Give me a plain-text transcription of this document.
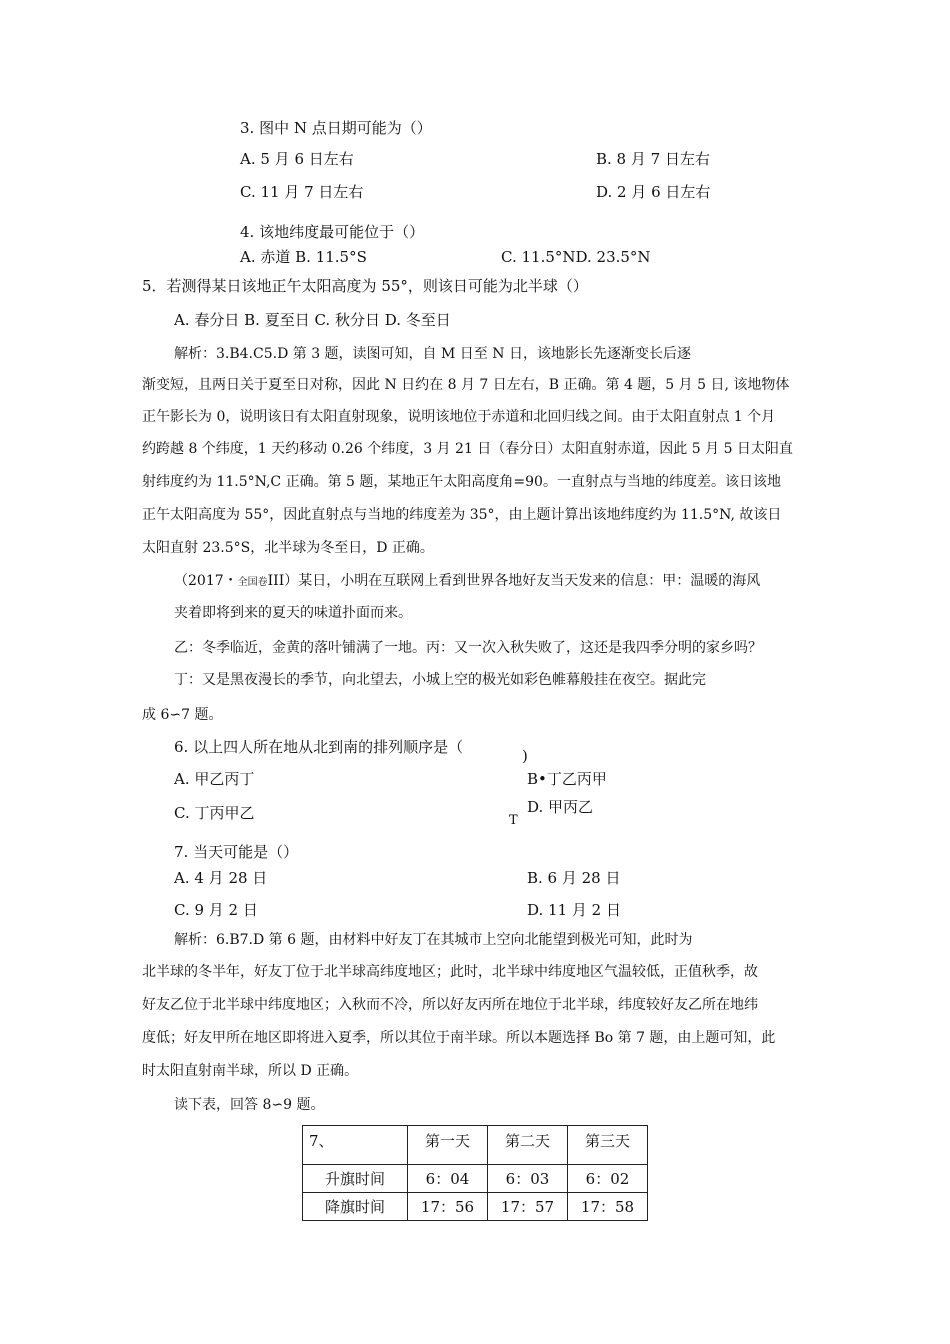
3. 图中 N 点日期可能为（）
A. 5 月 6 日左右	B. 8 月 7 日左右
C. 11 月 7 日左右	D. 2 月 6 日左右
4. 该地纬度最可能位于（）
A. 赤道 B. 11.5°S	C. 11.5°ND. 23.5°N
5．若测得某日该地正午太阳高度为 55°，则该日可能为北半球（）
A. 春分日 B. 夏至日 C. 秋分日 D. 冬至日
解析：3.B4.C5.D 第 3 题，读图可知，自 M 日至 N 日，该地影长先逐渐变长后逐
渐变短，且两日关于夏至日对称，因此 N 日约在 8 月 7 日左右，B 正确。第 4 题，5 月 5 日, 该地物体
正午影长为 0，说明该日有太阳直射现象，说明该地位于赤道和北回归线之间。由于太阳直射点 1 个月
约跨越 8 个纬度，1 天约移动 0.26 个纬度，3 月 21 日（春分日）太阳直射赤道，因此 5 月 5 日太阳直
射纬度约为 11.5°N,C 正确。第 5 题，某地正午太阳高度角=90。一直射点与当地的纬度差。该日该地
正午太阳高度为 55°，因此直射点与当地的纬度差为 35°，由上题计算出该地纬度约为 11.5°N, 故该日
太阳直射 23.5°S，北半球为冬至日，D 正确。
（2017・全国卷III）某日，小明在互联网上看到世界各地好友当天发来的信息：甲：温暖的海风
夹着即将到来的夏天的味道扑面而来。
乙：冬季临近，金黄的落叶铺满了一地。丙：又一次入秋失败了，这还是我四季分明的家乡吗？
丁：又是黑夜漫长的季节，向北望去，小城上空的极光如彩色帷幕般挂在夜空。据此完
成 6∽7 题。
6. 以上四人所在地从北到南的排列顺序是（	)
A. 甲乙丙丁	B•丁乙丙甲
C. 丁丙甲乙	D. 甲丙乙
T
7. 当天可能是（）
A. 4 月 28 日	B. 6 月 28 日
C. 9 月 2 日	D. 11 月 2 日
解析：6.B7.D 第 6 题，由材料中好友丁在其城市上空向北能望到极光可知，此时为
北半球的冬半年，好友丁位于北半球高纬度地区；此时，北半球中纬度地区气温较低，正值秋季，故
好友乙位于北半球中纬度地区；入秋而不冷，所以好友丙所在地位于北半球，纬度较好友乙所在地纬
度低；好友甲所在地区即将进入夏季，所以其位于南半球。所以本题选择 Bo 第 7 题，由上题可知，此
时太阳直射南半球，所以 D 正确。
读下表，回答 8∽9 题。
7、	第一天	第二天	第三天
升旗时间	6：04	6：03	6：02
降旗时间	17：56	17：57	17：58
